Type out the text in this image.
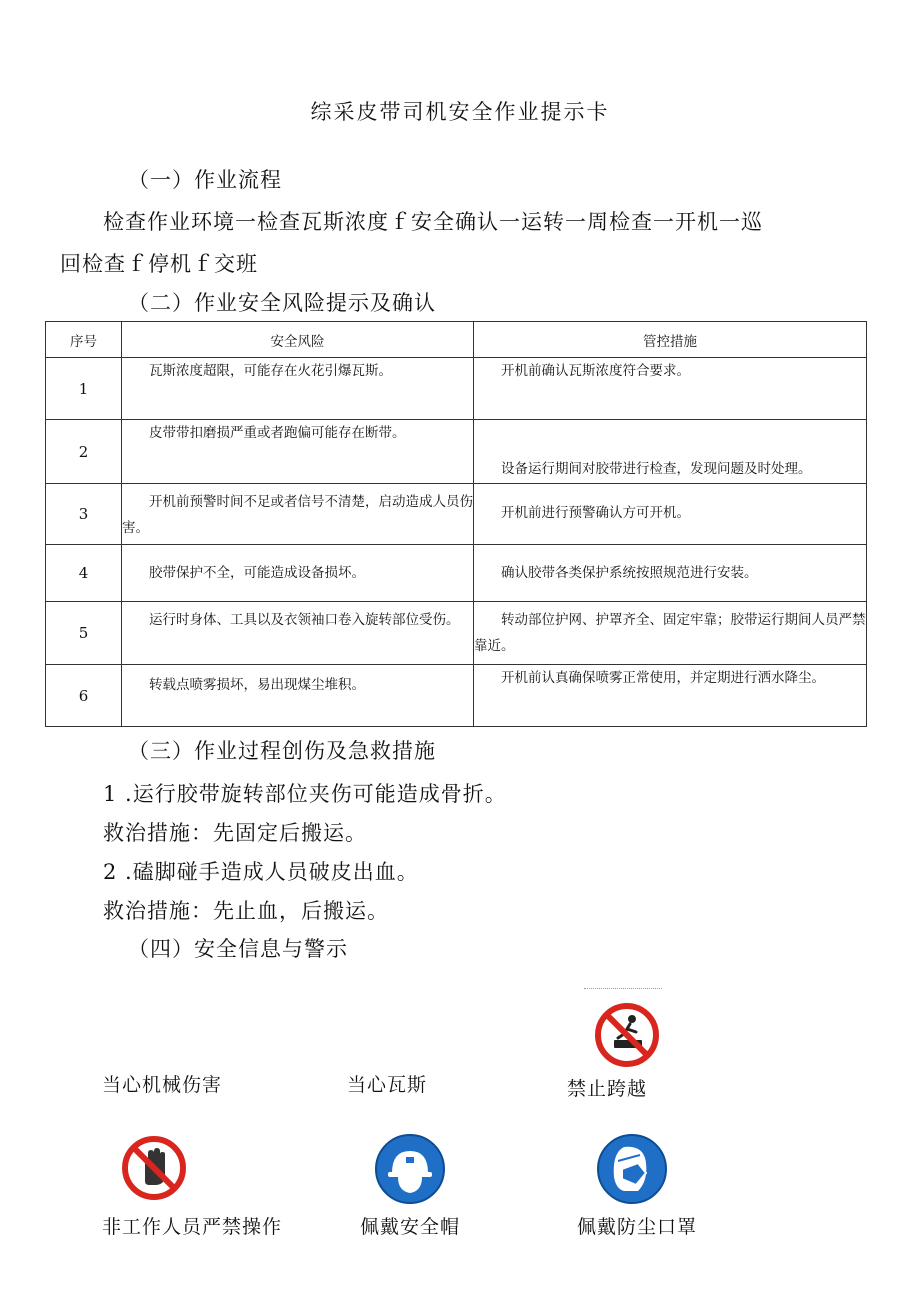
综采皮带司机安全作业提示卡
（一）作业流程
检查作业环境一检查瓦斯浓度ｆ安全确认一运转一周检查一开机一巡
回检查ｆ停机ｆ交班
（二）作业安全风险提示及确认
序号	安全风险	管控措施
1	瓦斯浓度超限，可能存在火花引爆瓦斯。	开机前确认瓦斯浓度符合要求。
2	皮带带扣磨损严重或者跑偏可能存在断带。	设备运行期间对胶带进行检查，发现问题及时处理。
3	开机前预警时间不足或者信号不清楚，启动造成人员伤害。	开机前进行预警确认方可开机。
4	胶带保护不全，可能造成设备损坏。	确认胶带各类保护系统按照规范进行安装。
5	运行时身体、工具以及衣领袖口卷入旋转部位受伤。	转动部位护网、护罩齐全、固定牢靠；胶带运行期间人员严禁靠近。
6	转载点喷雾损坏，易出现煤尘堆积。	开机前认真确保喷雾正常使用，并定期进行洒水降尘。
（三）作业过程创伤及急救措施
1 .运行胶带旋转部位夹伤可能造成骨折。
救治措施：先固定后搬运。
2 .磕脚碰手造成人员破皮出血。
救治措施：先止血，后搬运。
（四）安全信息与警示
当心机械伤害	当心瓦斯	禁止跨越
非工作人员严禁操作	佩戴安全帽	佩戴防尘口罩
